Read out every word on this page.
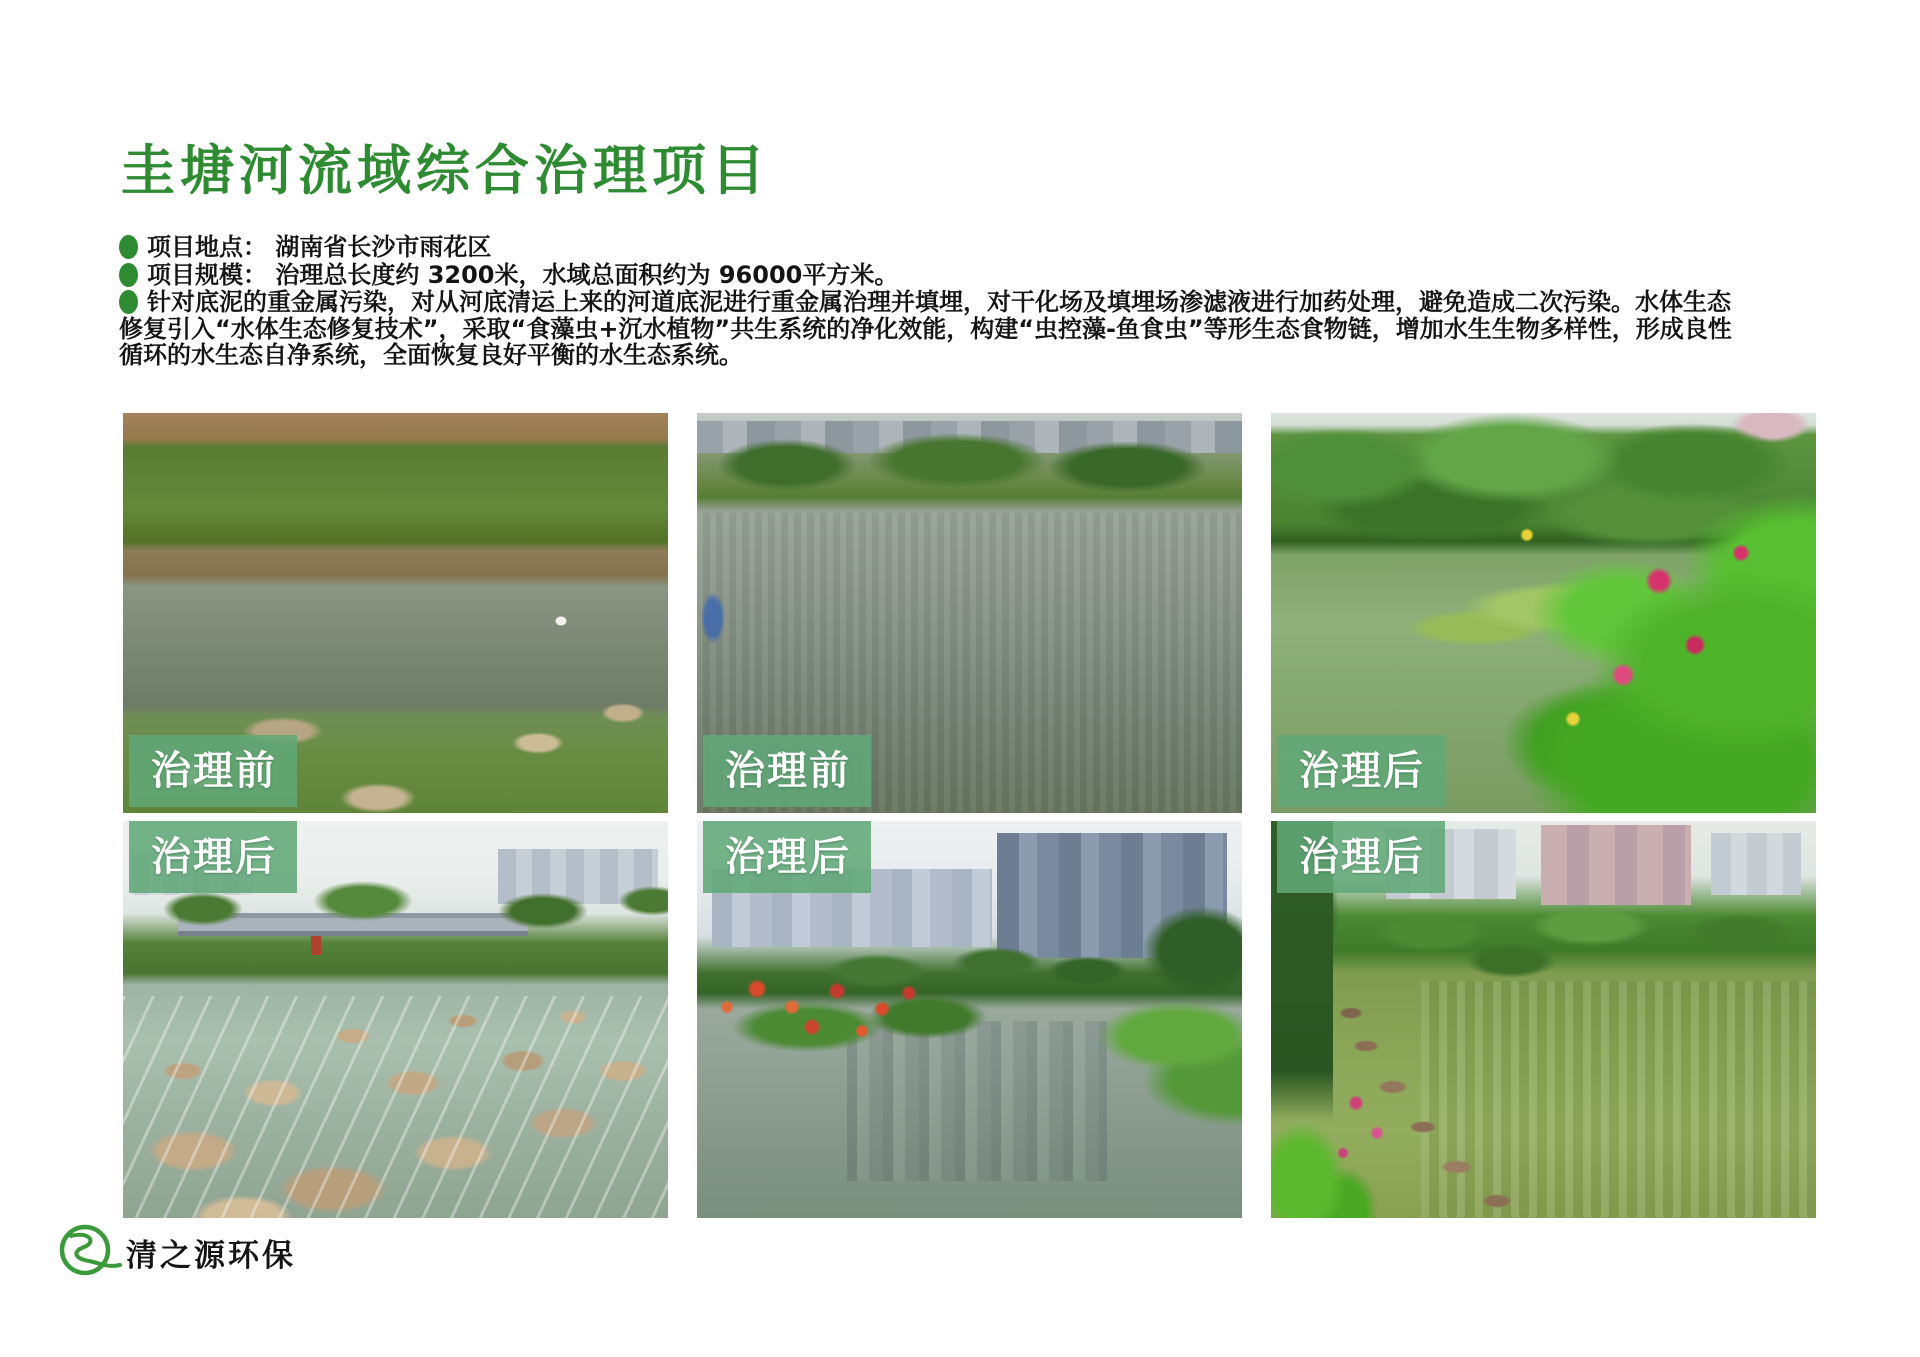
圭塘河流域综合治理项目
项目地点： 湖南省长沙市雨花区
项目规模： 治理总长度约 3200米，水域总面积约为 96000平方米。
针对底泥的重金属污染，对从河底清运上来的河道底泥进行重金属治理并填埋，对干化场及填埋场渗滤液进行加药处理，避免造成二次污染。水体生态修复引入“水体生态修复技术”，采取“食藻虫+沉水植物”共生系统的净化效能，构建“虫控藻-鱼食虫”等形生态食物链，增加水生生物多样性，形成良性循环的水生态自净系统，全面恢复良好平衡的水生态系统。
治理前	治理前	治理后
治理后	治理后	治理后
清之源环保
